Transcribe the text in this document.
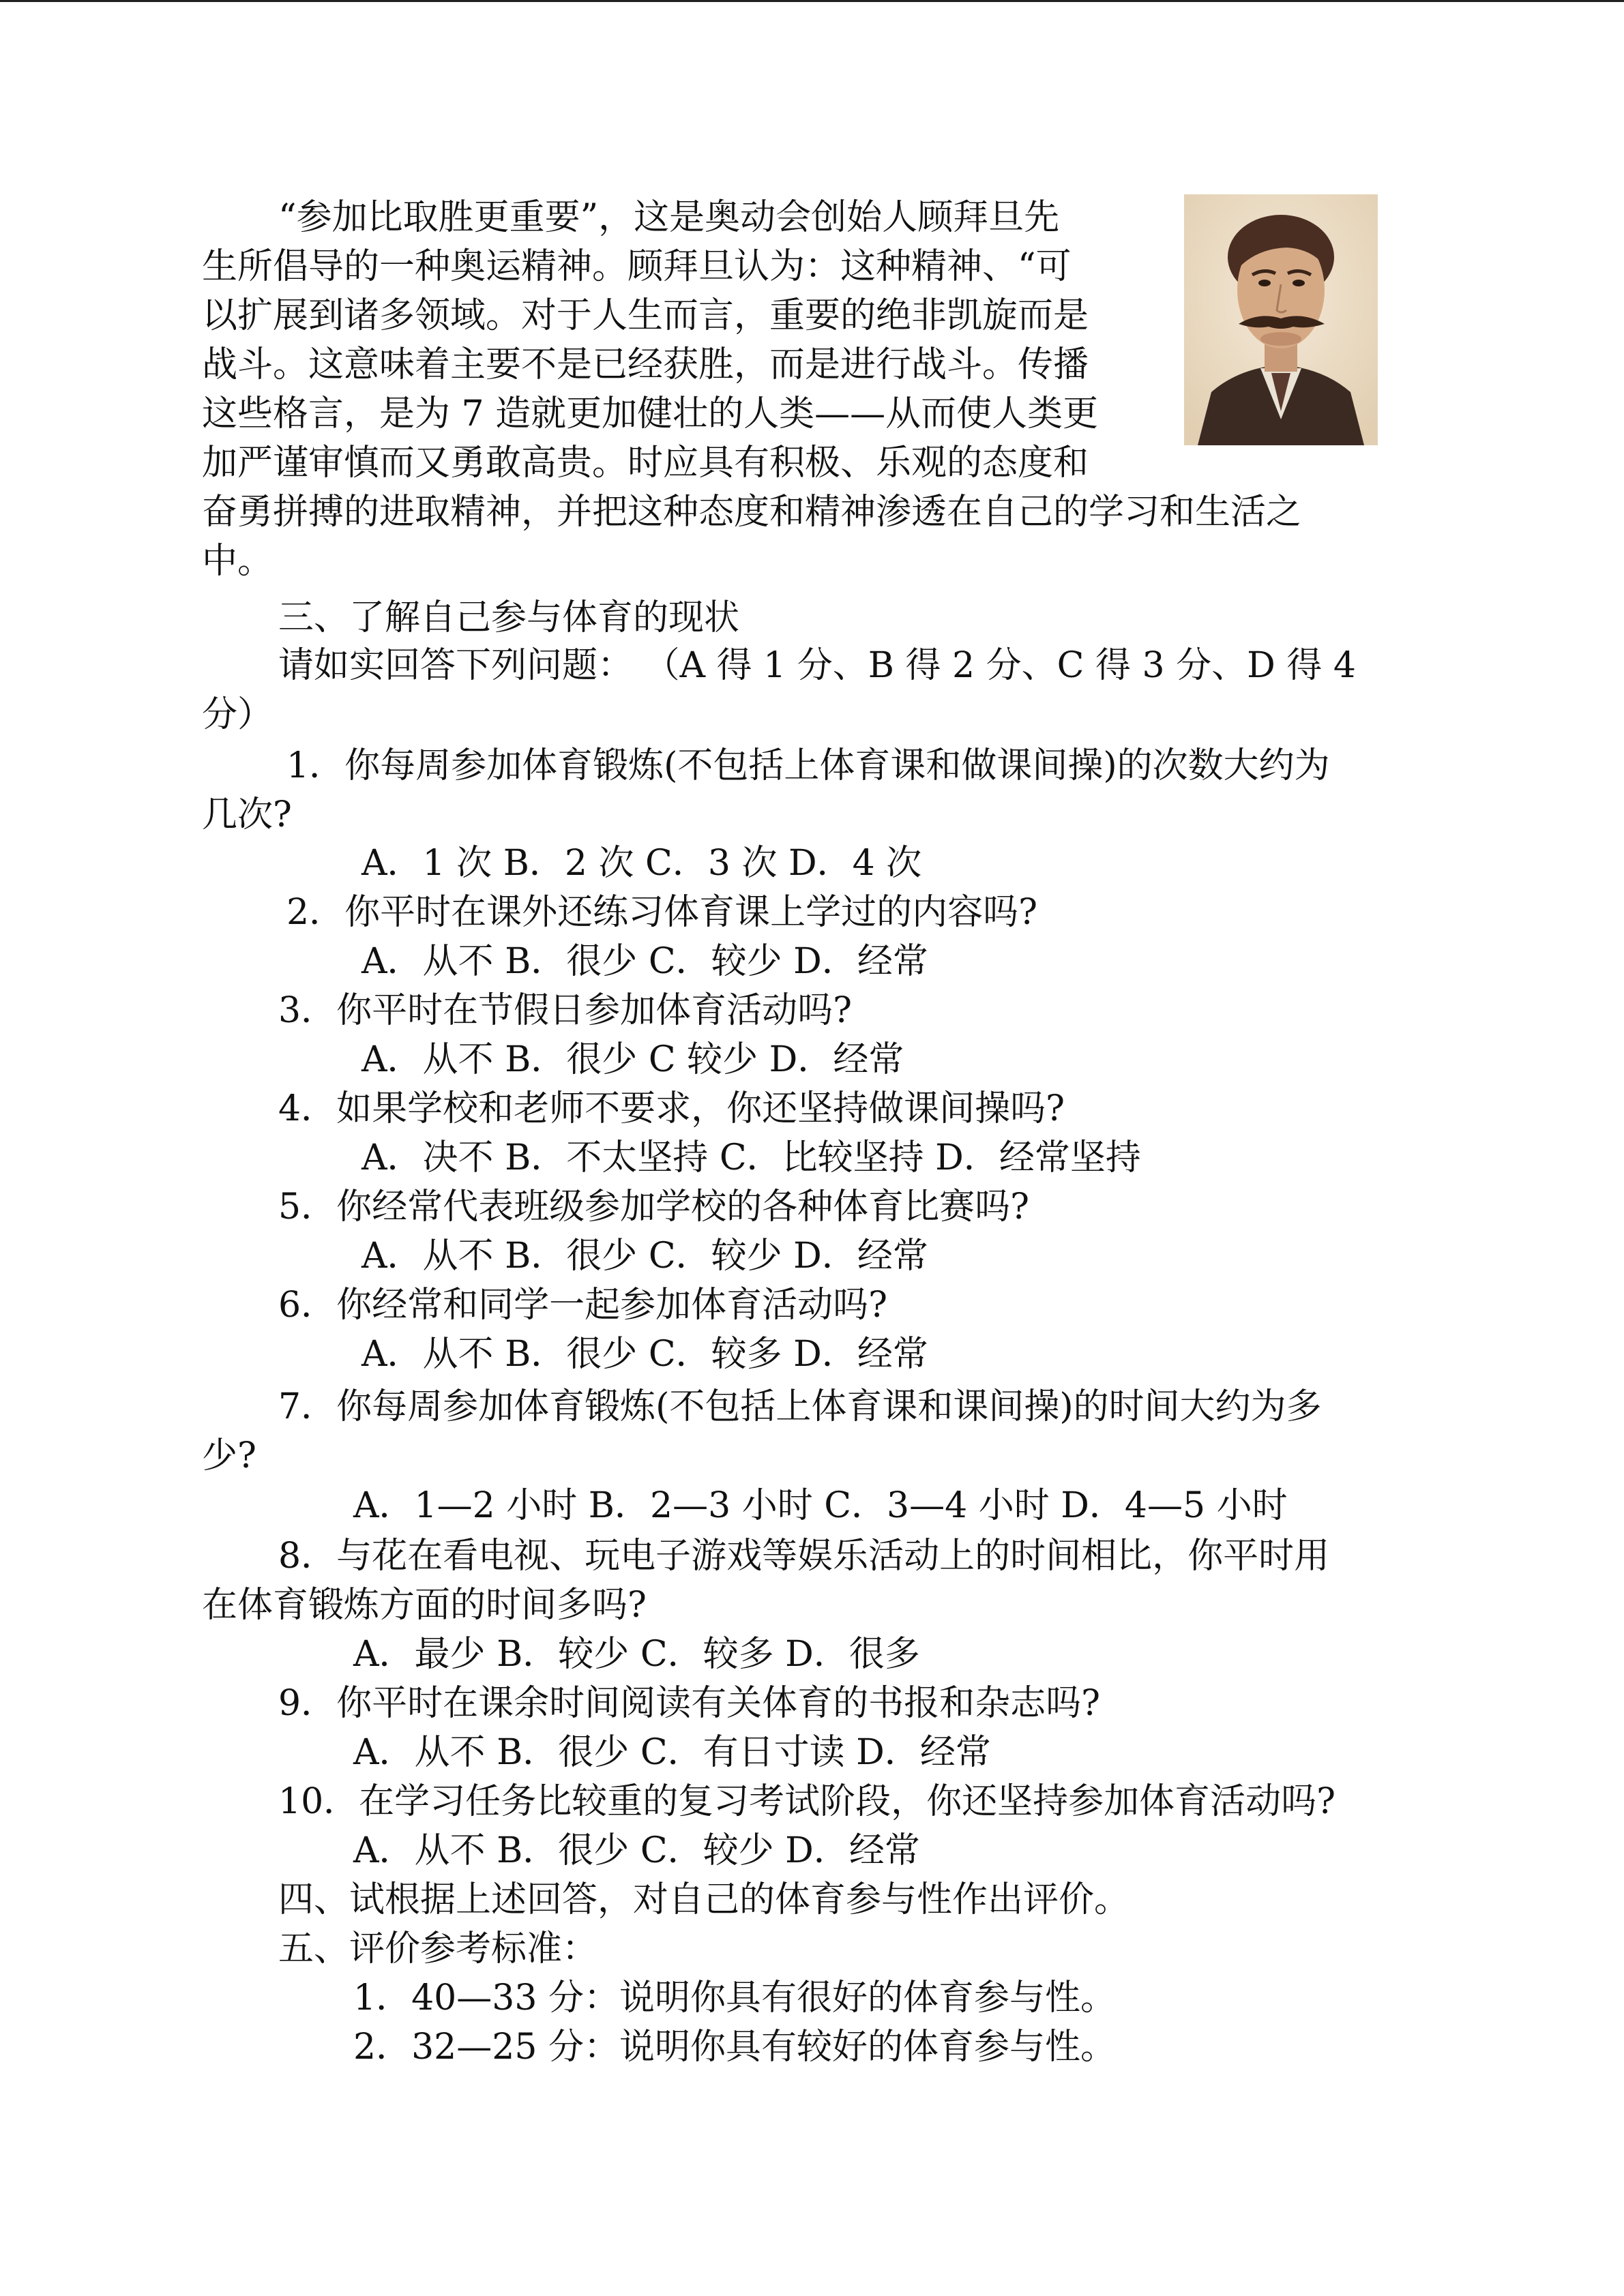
“参加比取胜更重要”，这是奥动会创始人顾拜旦先
生所倡导的一种奥运精神。顾拜旦认为：这种精神、“可
以扩展到诸多领域。对于人生而言，重要的绝非凯旋而是
战斗。这意味着主要不是已经获胜，而是进行战斗。传播
这些格言，是为 7 造就更加健壮的人类——从而使人类更
加严谨审慎而又勇敢高贵。时应具有积极、乐观的态度和
奋勇拼搏的进取精神，并把这种态度和精神渗透在自己的学习和生活之
中。
三、了解自己参与体育的现状
请如实回答下列问题： （A 得 1 分、B 得 2 分、C 得 3 分、D 得 4
分）
1．你每周参加体育锻炼(不包括上体育课和做课间操)的次数大约为
几次?
A．1 次 B．2 次 C．3 次 D．4 次
2．你平时在课外还练习体育课上学过的内容吗?
A．从不 B．很少 C．较少 D．经常
3．你平时在节假日参加体育活动吗?
A．从不 B．很少 C 较少 D．经常
4．如果学校和老师不要求，你还坚持做课间操吗?
A．决不 B．不太坚持 C．比较坚持 D．经常坚持
5．你经常代表班级参加学校的各种体育比赛吗?
A．从不 B．很少 C．较少 D．经常
6．你经常和同学一起参加体育活动吗?
A．从不 B．很少 C．较多 D．经常
7．你每周参加体育锻炼(不包括上体育课和课间操)的时间大约为多
少?
A．1—2 小时 B．2—3 小时 C．3—4 小时 D．4—5 小时
8．与花在看电视、玩电子游戏等娱乐活动上的时间相比，你平时用
在体育锻炼方面的时间多吗?
A．最少 B．较少 C．较多 D．很多
9．你平时在课余时间阅读有关体育的书报和杂志吗?
A．从不 B．很少 C．有日寸读 D．经常
10．在学习任务比较重的复习考试阶段，你还坚持参加体育活动吗?
A．从不 B．很少 C．较少 D．经常
四、试根据上述回答，对自己的体育参与性作出评价。
五、评价参考标准：
1．40—33 分：说明你具有很好的体育参与性。
2．32—25 分：说明你具有较好的体育参与性。
